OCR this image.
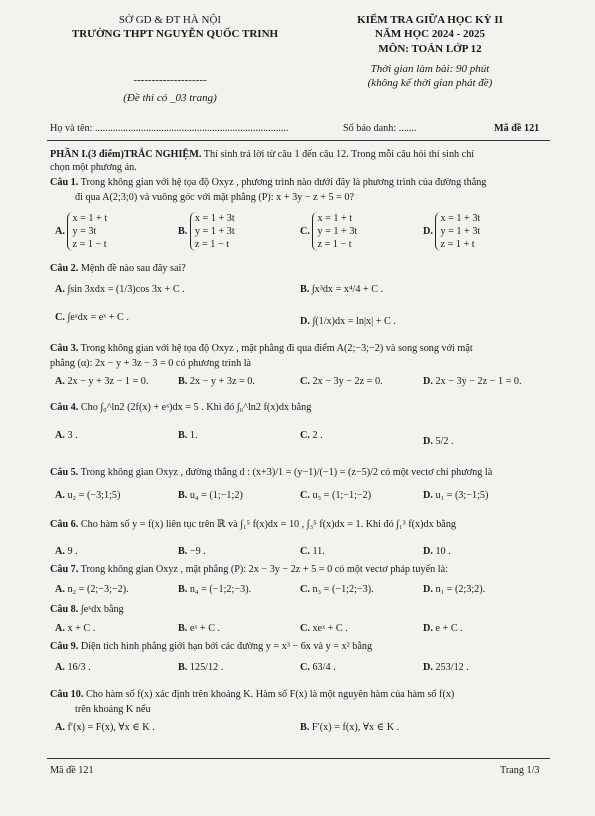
SỞ GD & ĐT HÀ NỘI
TRƯỜNG THPT NGUYỄN QUỐC TRINH
--------------------
(Đề thi có _03 trang)
KIỂM TRA GIỮA HỌC KỲ II
NĂM HỌC 2024 - 2025
MÔN: TOÁN LỚP 12
Thời gian làm bài: 90 phút
(không kể thời gian phát đề)
Họ và tên: ............................................................................	Số báo danh: .......	Mã đề 121
PHẦN I.(3 điểm)TRẮC NGHIỆM. Thí sinh trả lời từ câu 1 đến câu 12. Trong mỗi câu hỏi thí sinh chỉ
chọn một phương án.
Câu 1. Trong không gian với hệ tọa độ Oxyz , phương trình nào dưới đây là phương trình của đường thẳng
đi qua A(2;3;0) và vuông góc với mặt phẳng (P): x + 3y − z + 5 = 0?
A. x = 1 + t
y = 3t
z = 1 − t
B. x = 1 + 3t
y = 1 + 3t
z = 1 − t
C. x = 1 + t
y = 1 + 3t
z = 1 − t
D. x = 1 + 3t
y = 1 + 3t
z = 1 + t
Câu 2. Mệnh đề nào sau đây sai?
A. ∫sin 3xdx = (1/3)cos 3x + C .	B. ∫x³dx = x⁴/4 + C .
C. ∫eˣdx = eˣ + C .	D. ∫(1/x)dx = ln|x| + C .
Câu 3. Trong không gian với hệ tọa độ Oxyz , mặt phẳng đi qua điểm A(2;−3;−2) và song song với mặt
phẳng (α): 2x − y + 3z − 3 = 0 có phương trình là
A. 2x − y + 3z − 1 = 0.	B. 2x − y + 3z = 0.	C. 2x − 3y − 2z = 0.	D. 2x − 3y − 2z − 1 = 0.
Câu 4. Cho ∫₀^ln2 (2f(x) + eˣ)dx = 5 . Khi đó ∫₀^ln2 f(x)dx bằng
A. 3 .	B. 1.	C. 2 .
D. 5/2 .
Câu 5. Trong không gian Oxyz , đường thẳng d : (x+3)/1 = (y−1)/(−1) = (z−5)/2 có một vectơ chỉ phương là
A. u₂ = (−3;1;5)	B. u₄ = (1;−1;2)	C. u₃ = (1;−1;−2)	D. u₁ = (3;−1;5)
Câu 6. Cho hàm số y = f(x) liên tục trên ℝ và ∫₁⁵ f(x)dx = 10 , ∫₃⁵ f(x)dx = 1. Khi đó ∫₁³ f(x)dx bằng
A. 9 .	B. −9 .	C. 11.	D. 10 .
Câu 7. Trong không gian Oxyz , mặt phẳng (P): 2x − 3y − 2z + 5 = 0 có một vectơ pháp tuyến là:
A. n₂ = (2;−3;−2).	B. n₄ = (−1;2;−3).	C. n₃ = (−1;2;−3).	D. n₁ = (2;3;2).
Câu 8. ∫eˣdx bằng
A. x + C .	B. eˣ + C .	C. xeˣ + C .	D. e + C .
Câu 9. Diện tích hình phẳng giới hạn bởi các đường y = x³ − 6x và y = x² bằng
A. 16/3 .	B. 125/12 .	C. 63/4 .	D. 253/12 .
Câu 10. Cho hàm số f(x) xác định trên khoảng K. Hàm số F(x) là một nguyên hàm của hàm số f(x)
trên khoảng K nếu
A. f′(x) = F(x), ∀x ∈ K .	B. F′(x) = f(x), ∀x ∈ K .
Mã đề 121	Trang 1/3
